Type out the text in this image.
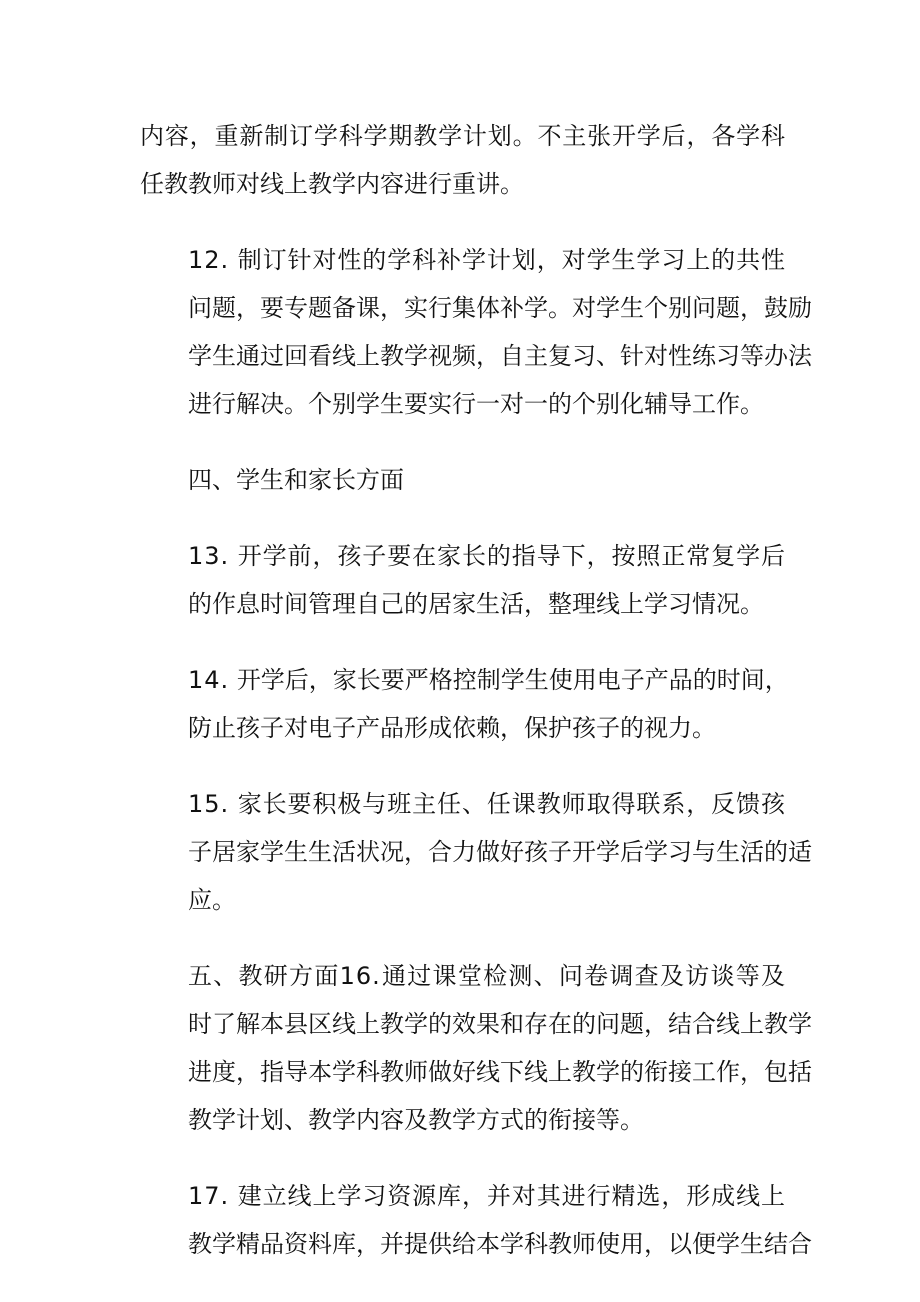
内容，重新制订学科学期教学计划。不主张开学后，各学科
任教教师对线上教学内容进行重讲。

12. 制订针对性的学科补学计划，对学生学习上的共性
问题，要专题备课，实行集体补学。对学生个别问题，鼓励
学生通过回看线上教学视频，自主复习、针对性练习等办法
进行解决。个别学生要实行一对一的个别化辅导工作。

四、学生和家长方面

13. 开学前，孩子要在家长的指导下，按照正常复学后
的作息时间管理自己的居家生活，整理线上学习情况。

14. 开学后，家长要严格控制学生使用电子产品的时间，
防止孩子对电子产品形成依赖，保护孩子的视力。

15. 家长要积极与班主任、任课教师取得联系，反馈孩
子居家学生生活状况，合力做好孩子开学后学习与生活的适
应。

五、教研方面16.通过课堂检测、问卷调查及访谈等及
时了解本县区线上教学的效果和存在的问题，结合线上教学
进度，指导本学科教师做好线下线上教学的衔接工作，包括
教学计划、教学内容及教学方式的衔接等。

17. 建立线上学习资源库，并对其进行精选，形成线上
教学精品资料库，并提供给本学科教师使用，以便学生结合
